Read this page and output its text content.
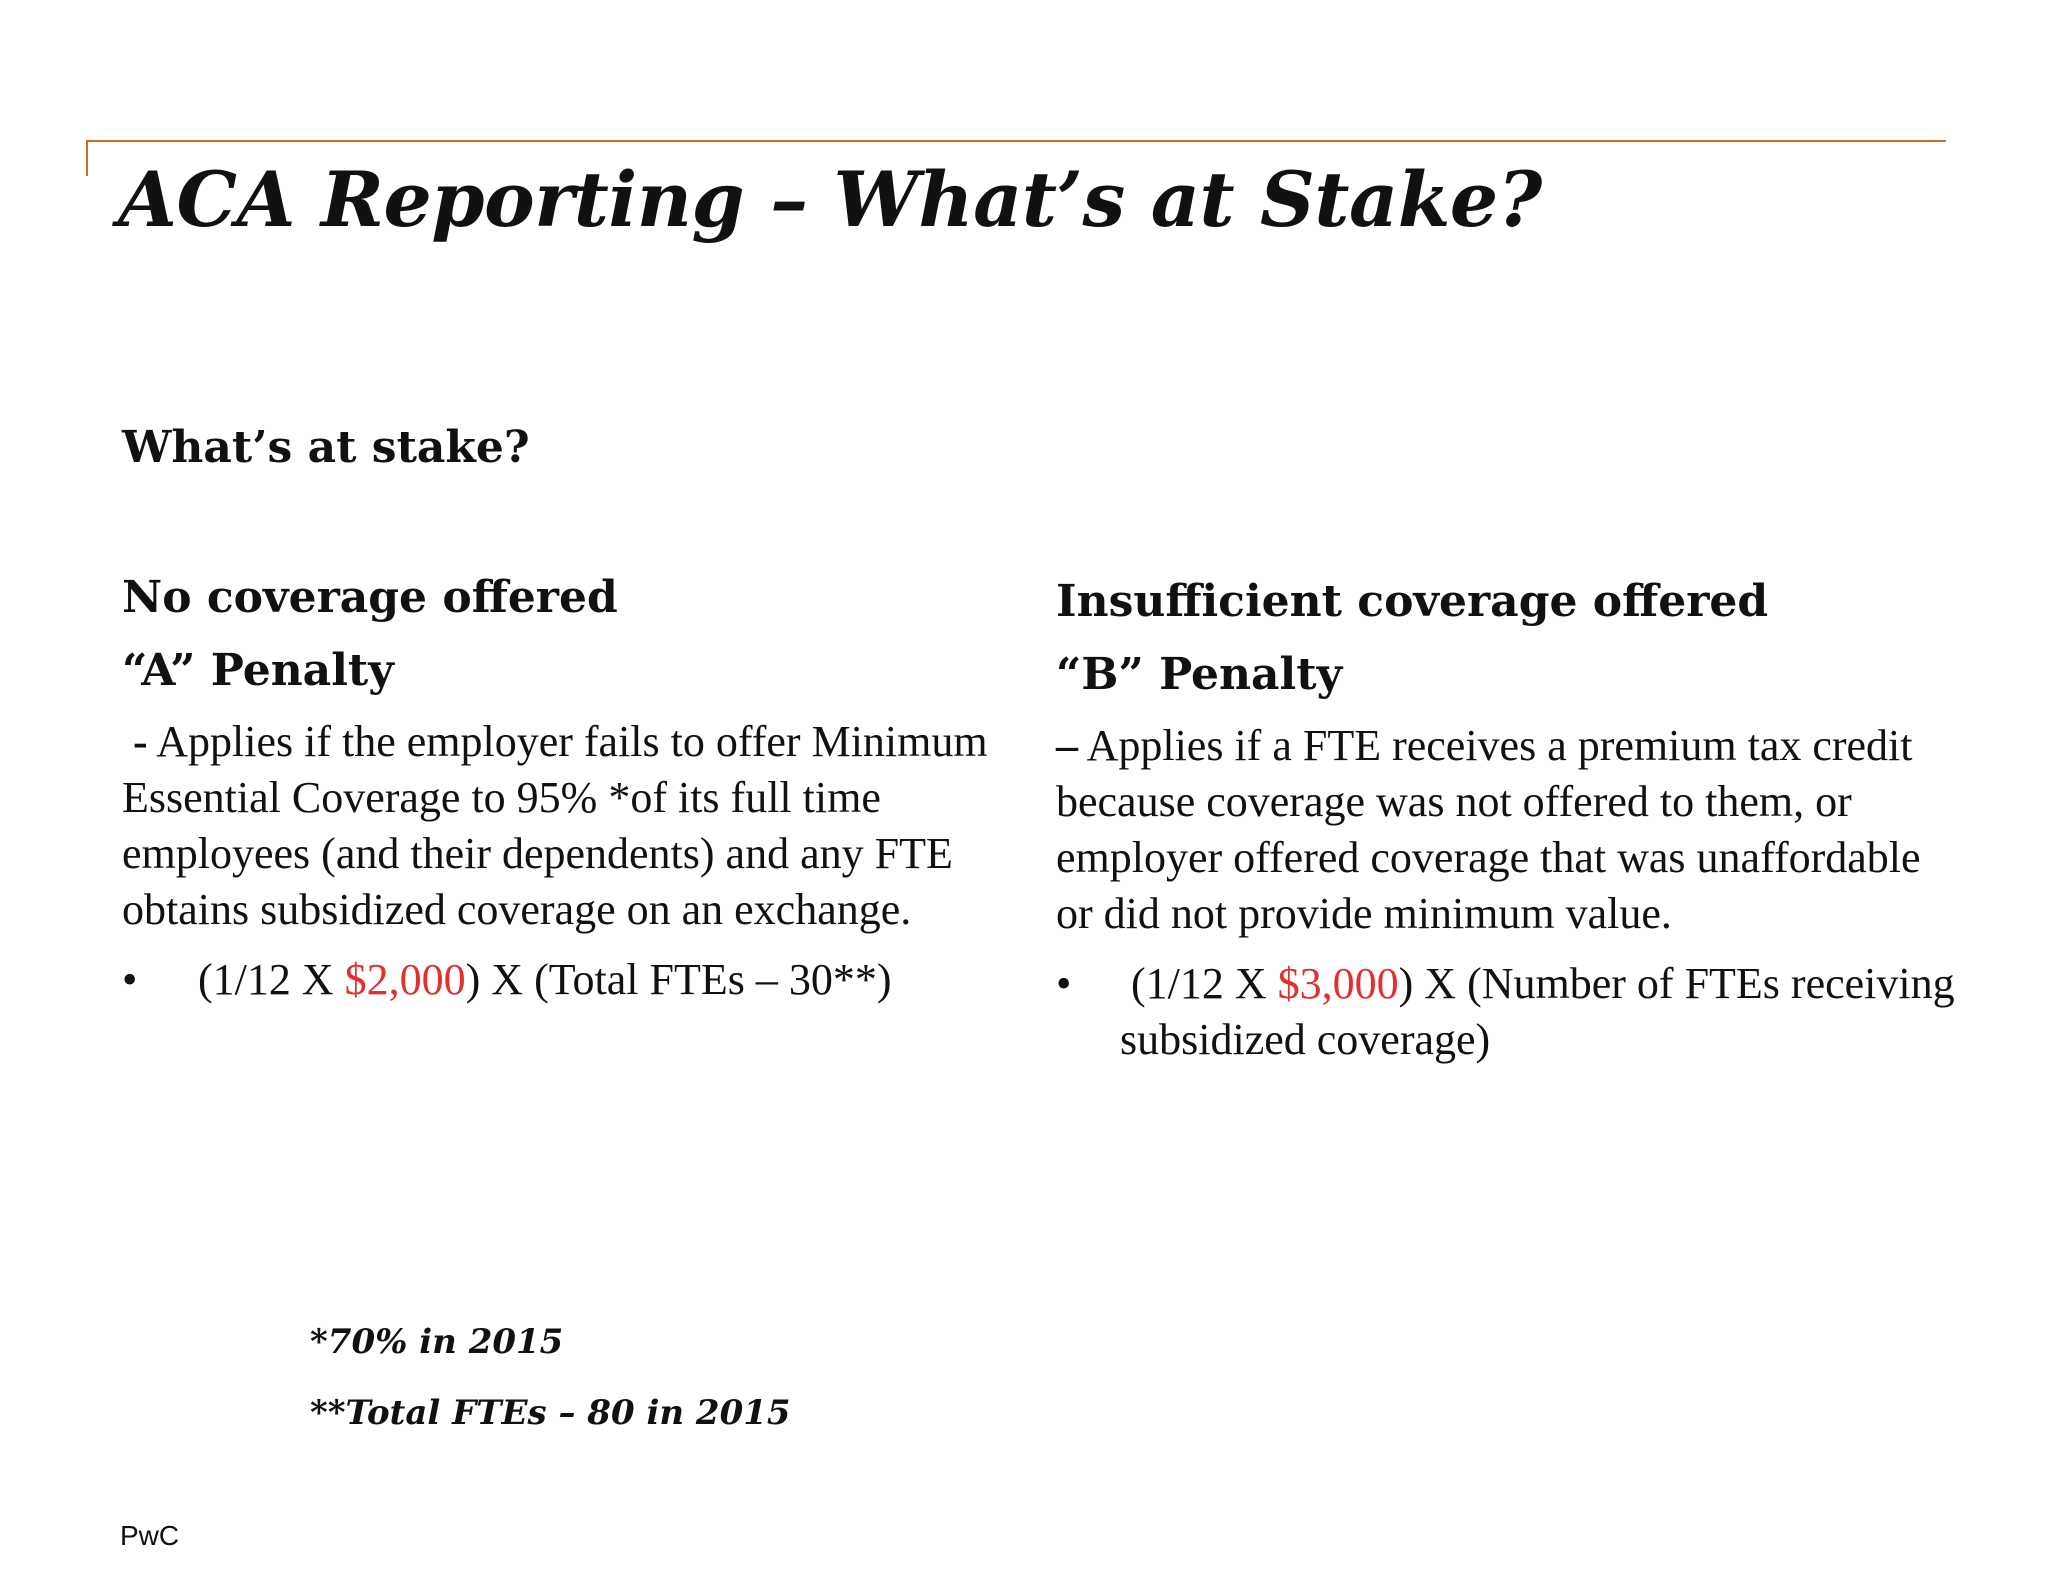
ACA Reporting – What’s at Stake?
What’s at stake?

No coverage offered

“A” Penalty

- Applies if the employer fails to offer Minimum Essential Coverage to 95% *of its full time employees (and their dependents) and any FTE obtains subsidized coverage on an exchange.
• (1/12 X $2,000) X (Total FTEs – 30**)

Insufficient coverage offered

“B” Penalty

– Applies if a FTE receives a premium tax credit because coverage was not offered to them, or employer offered coverage that was unaffordable or did not provide minimum value.
• (1/12 X $3,000) X (Number of FTEs receiving subsidized coverage)
*70% in 2015
**Total FTEs – 80 in 2015
PwC
